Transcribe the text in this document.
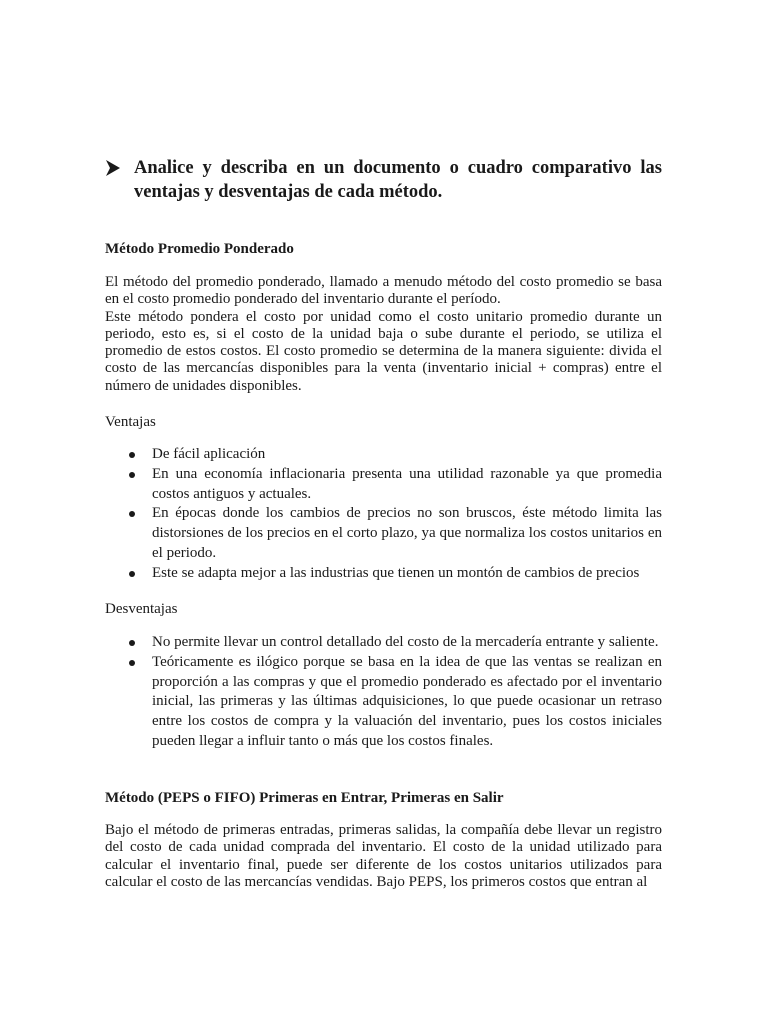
Analice y describa en un documento o cuadro comparativo las ventajas y desventajas de cada método.
Método Promedio Ponderado

El método del promedio ponderado, llamado a menudo método del costo promedio se basa en el costo promedio ponderado del inventario durante el período.

Este método pondera el costo por unidad como el costo unitario promedio durante un periodo, esto es, si el costo de la unidad baja o sube durante el periodo, se utiliza el promedio de estos costos. El costo promedio se determina de la manera siguiente: divida el costo de las mercancías disponibles para la venta (inventario inicial + compras) entre el número de unidades disponibles.

Ventajas
De fácil aplicación
En una economía inflacionaria presenta una utilidad razonable ya que promedia costos antiguos y actuales.
En épocas donde los cambios de precios no son bruscos, éste método limita las distorsiones de los precios en el corto plazo, ya que normaliza los costos unitarios en el periodo.
Este se adapta mejor a las industrias que tienen un montón de cambios de precios
Desventajas
No permite llevar un control detallado del costo de la mercadería entrante y saliente.
Teóricamente es ilógico porque se basa en la idea de que las ventas se realizan en proporción a las compras y que el promedio ponderado es afectado por el inventario inicial, las primeras y las últimas adquisiciones, lo que puede ocasionar un retraso entre los costos de compra y la valuación del inventario, pues los costos iniciales pueden llegar a influir tanto o más que los costos finales.
Método (PEPS o FIFO) Primeras en Entrar, Primeras en Salir

Bajo el método de primeras entradas, primeras salidas, la compañía debe llevar un registro del costo de cada unidad comprada del inventario. El costo de la unidad utilizado para calcular el inventario final, puede ser diferente de los costos unitarios utilizados para calcular el costo de las mercancías vendidas. Bajo PEPS, los primeros costos que entran al
